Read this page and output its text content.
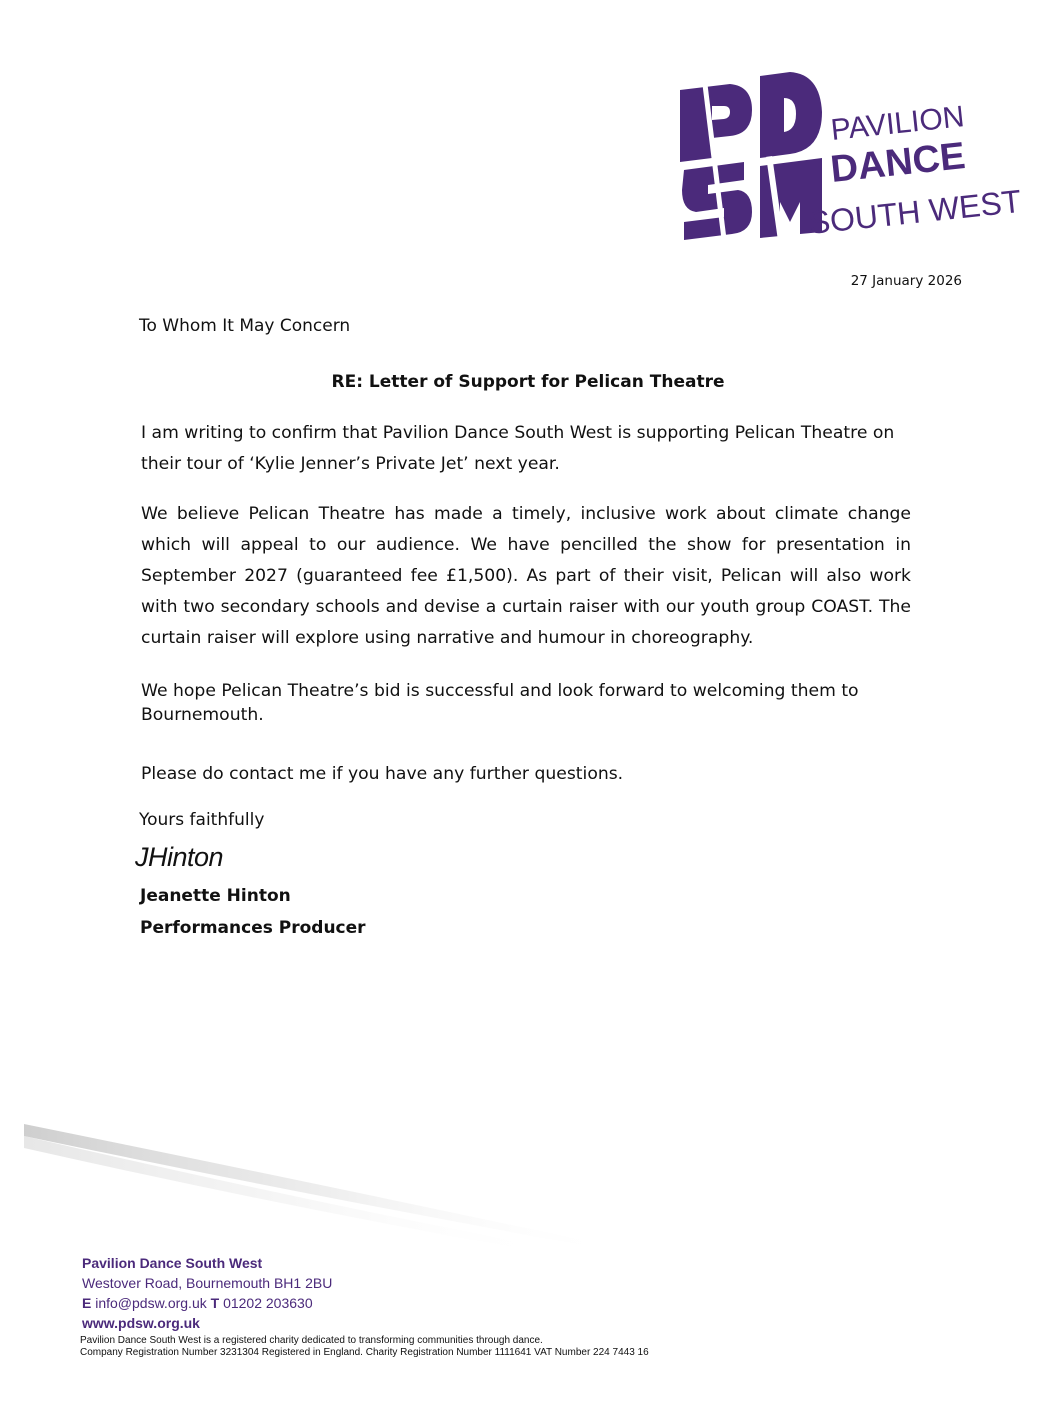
PAVILION
DANCE
SOUTH WEST
27 January 2026
To Whom It May Concern
RE: Letter of Support for Pelican Theatre
I am writing to confirm that Pavilion Dance South West is supporting Pelican Theatre on their tour of ‘Kylie Jenner’s Private Jet’ next year.
We believe Pelican Theatre has made a timely, inclusive work about climate change which will appeal to our audience. We have pencilled the show for presentation in September 2027 (guaranteed fee £1,500). As part of their visit, Pelican will also work with two secondary schools and devise a curtain raiser with our youth group COAST. The curtain raiser will explore using narrative and humour in choreography.
We hope Pelican Theatre’s bid is successful and look forward to welcoming them to Bournemouth.
Please do contact me if you have any further questions.
Yours faithfully
JHinton
Jeanette Hinton
Performances Producer
Pavilion Dance South West
Westover Road, Bournemouth BH1 2BU
E info@pdsw.org.uk T 01202 203630
www.pdsw.org.uk
Pavilion Dance South West is a registered charity dedicated to transforming communities through dance.
Company Registration Number 3231304 Registered in England. Charity Registration Number 1111641 VAT Number 224 7443 16
